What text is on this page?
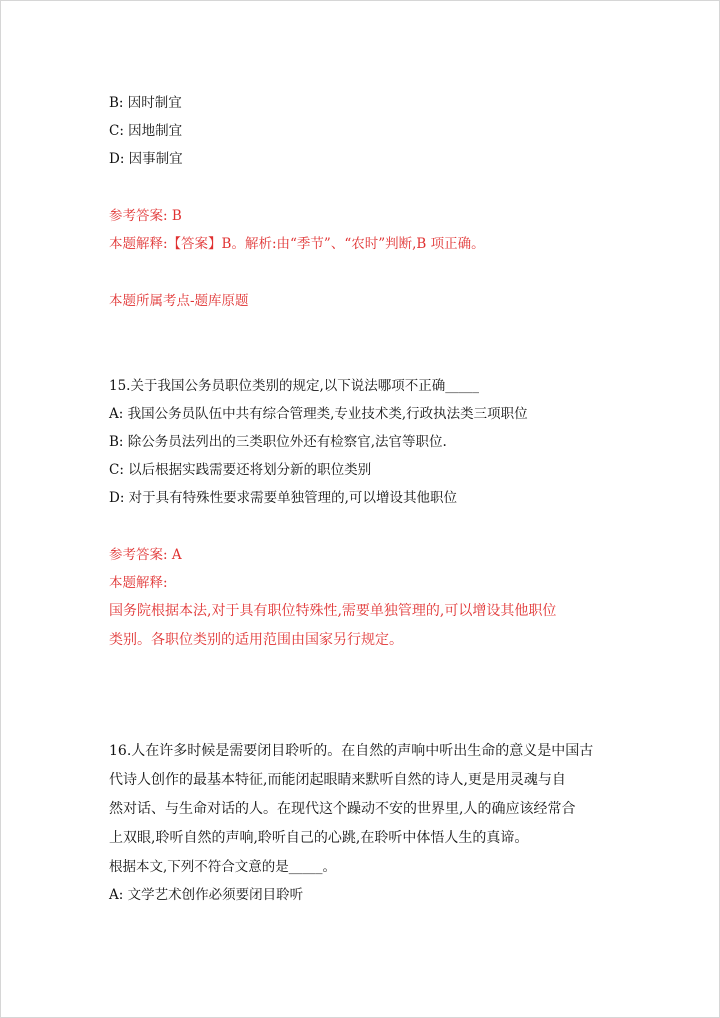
B: 因时制宜
C: 因地制宜
D: 因事制宜
参考答案: B
本题解释:【答案】B。解析:由“季节”、“农时”判断,B 项正确。
本题所属考点-题库原题
15.关于我国公务员职位类别的规定,以下说法哪项不正确_____
A: 我国公务员队伍中共有综合管理类,专业技术类,行政执法类三项职位
B: 除公务员法列出的三类职位外还有检察官,法官等职位.
C: 以后根据实践需要还将划分新的职位类别
D: 对于具有特殊性要求需要单独管理的,可以增设其他职位
参考答案: A
本题解释:
国务院根据本法,对于具有职位特殊性,需要单独管理的,可以增设其他职位
类别。各职位类别的适用范围由国家另行规定。
16.人在许多时候是需要闭目聆听的。在自然的声响中听出生命的意义是中国古
代诗人创作的最基本特征,而能闭起眼睛来默听自然的诗人,更是用灵魂与自
然对话、与生命对话的人。在现代这个躁动不安的世界里,人的确应该经常合
上双眼,聆听自然的声响,聆听自己的心跳,在聆听中体悟人生的真谛。
根据本文,下列不符合文意的是_____。
A: 文学艺术创作必须要闭目聆听
